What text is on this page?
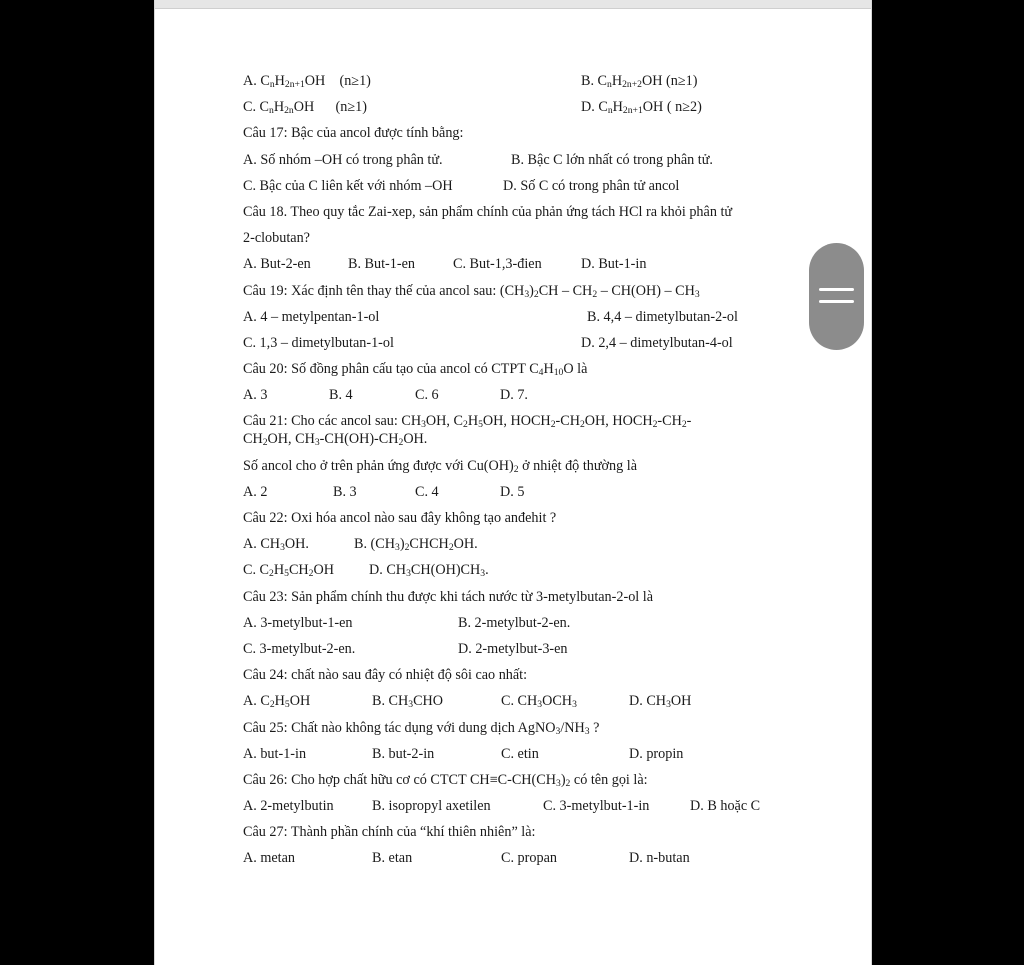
A. $C_nH_{2n+1}OH$    (n≥1)	B. $C_nH_{2n+2}OH$ (n≥1)
C. $C_nH_{2n}OH$      (n≥1)	D. $C_nH_{2n+1}OH$ ( n≥2)
Câu 17: Bậc của ancol được tính bằng:
A. Số nhóm –OH có trong phân tử.	B. Bậc C lớn nhất có trong phân tử.
C. Bậc của C liên kết với nhóm –OH	D. Số C có trong phân tử ancol
Câu 18. Theo quy tắc Zai-xep, sản phẩm chính của phản ứng tách HCl ra khỏi phân tử
2-clobutan?
A. But-2-en	B. But-1-en	C. But-1,3-đien	D. But-1-in
Câu 19: Xác định tên thay thế của ancol sau: $(CH_3)_2CH - CH_2 - CH(OH) - CH_3$
A. 4 – metylpentan-1-ol	B. 4,4 – dimetylbutan-2-ol
C. 1,3 – dimetylbutan-1-ol	D. 2,4 – dimetylbutan-4-ol
Câu 20: Số đồng phân cấu tạo của ancol có CTPT $C_4H_{10}O$ là
A. 3	B. 4	C. 6	D. 7.
Câu 21: Cho các ancol sau: $CH_3OH$, $C_2H_5OH$, $HOCH_2-CH_2OH$, $HOCH_2-CH_2-$
$CH_2OH$, $CH_3-CH(OH)-CH_2OH$.
Số ancol cho ở trên phản ứng được với $Cu(OH)_2$ ở nhiệt độ thường là
A. 2	B. 3	C. 4	D. 5
Câu 22: Oxi hóa ancol nào sau đây không tạo anđehit ?
A. $CH_3OH$.	B. $(CH_3)_2CHCH_2OH$.
C. $C_2H_5CH_2OH$ D. $CH_3CH(OH)CH_3$.
Câu 23: Sản phẩm chính thu được khi tách nước từ 3-metylbutan-2-ol là
A. 3-metylbut-1-en	B. 2-metylbut-2-en.
C. 3-metylbut-2-en.	D. 2-metylbut-3-en
Câu 24: chất nào sau đây có nhiệt độ sôi cao nhất:
A. $C_2H_5OH$	B. $CH_3CHO$	C. $CH_3OCH_3$	D. $CH_3OH$
Câu 25: Chất nào không tác dụng với dung dịch $AgNO_3/NH_3$ ?
A. but-1-in	B. but-2-in	C. etin	D. propin
Câu 26: Cho hợp chất hữu cơ có CTCT $CH\equiv C-CH(CH_3)_2$ có tên gọi là:
A. 2-metylbutin	B. isopropyl axetilen	C. 3-metylbut-1-in	D. B hoặc C
Câu 27: Thành phần chính của “khí thiên nhiên” là:
A. metan	B. etan	C. propan	D. n-butan
